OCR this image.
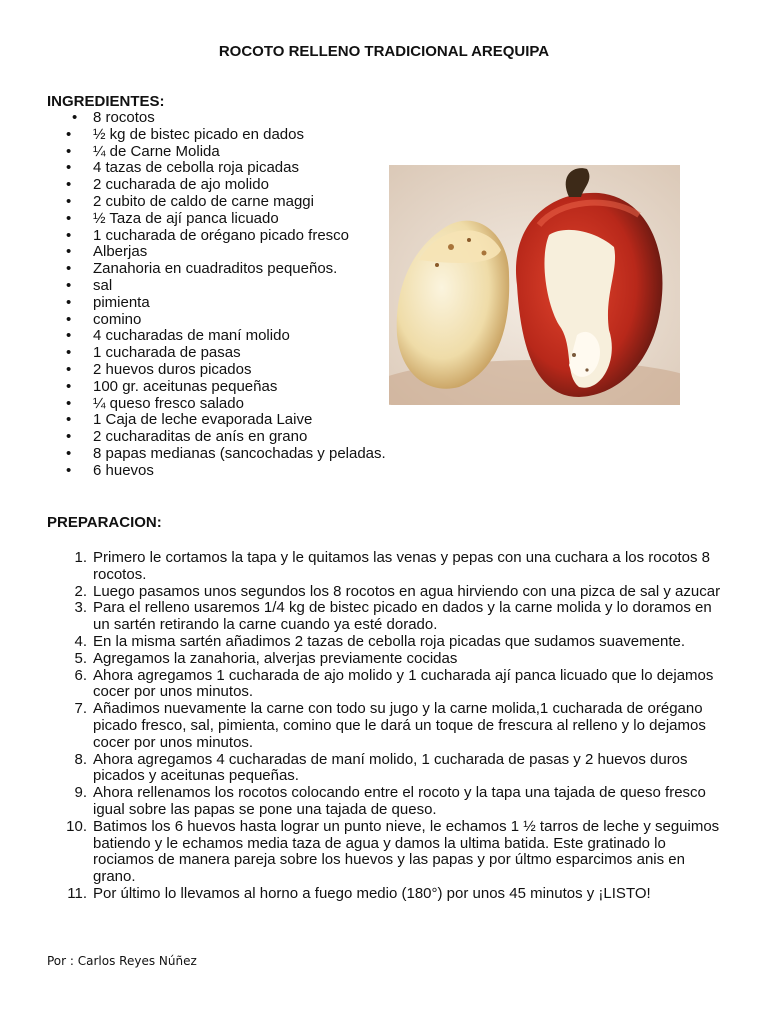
ROCOTO RELLENO TRADICIONAL AREQUIPA
INGREDIENTES:
• 8 rocotos
• ½ kg de bistec picado en dados
• ¼ de Carne Molida
• 4 tazas de cebolla roja picadas
• 2 cucharada de ajo molido
• 2 cubito de caldo de carne maggi
• ½ Taza de ají panca licuado
• 1 cucharada de orégano picado fresco
• Alberjas
• Zanahoria en cuadraditos pequeños.
• sal
• pimienta
• comino
• 4 cucharadas de maní molido
• 1 cucharada de pasas
• 2 huevos duros picados
• 100 gr. aceitunas pequeñas
• ¼ queso fresco salado
• 1 Caja de leche evaporada Laive
• 2 cucharaditas de anís en grano
• 8 papas medianas (sancochadas y peladas.
• 6 huevos
PREPARACION:
1. Primero le cortamos la tapa y le quitamos las venas y pepas con una cuchara a los rocotos 8 rocotos.
2. Luego pasamos unos segundos los 8 rocotos en agua hirviendo con una pizca de sal y azucar
3. Para el relleno usaremos 1/4 kg de bistec picado en dados y la carne molida y lo doramos en un sartén retirando la carne cuando ya esté dorado.
4. En la misma sartén añadimos 2 tazas de cebolla roja picadas que sudamos suavemente.
5. Agregamos la zanahoria, alverjas previamente cocidas
6. Ahora agregamos 1 cucharada de ajo molido y 1 cucharada ají panca licuado que lo dejamos cocer por unos minutos.
7. Añadimos nuevamente la carne con todo su jugo y la carne molida,1 cucharada de orégano picado fresco, sal, pimienta, comino que le dará un toque de frescura al relleno y lo dejamos cocer por unos minutos.
8. Ahora agregamos 4 cucharadas de maní molido, 1 cucharada de pasas y 2 huevos duros picados y aceitunas pequeñas.
9. Ahora rellenamos los rocotos colocando entre el rocoto y la tapa una tajada de queso fresco igual sobre las papas se pone una tajada de queso.
10. Batimos los 6 huevos hasta lograr un punto nieve, le echamos 1 ½ tarros de leche y seguimos batiendo y le echamos media taza de agua y damos la ultima batida. Este gratinado lo rociamos de manera pareja sobre los huevos y las papas y por últmo esparcimos anis en grano.
11. Por último lo llevamos al horno a fuego medio (180°) por unos 45 minutos y ¡LISTO!
Por : Carlos Reyes Núñez
